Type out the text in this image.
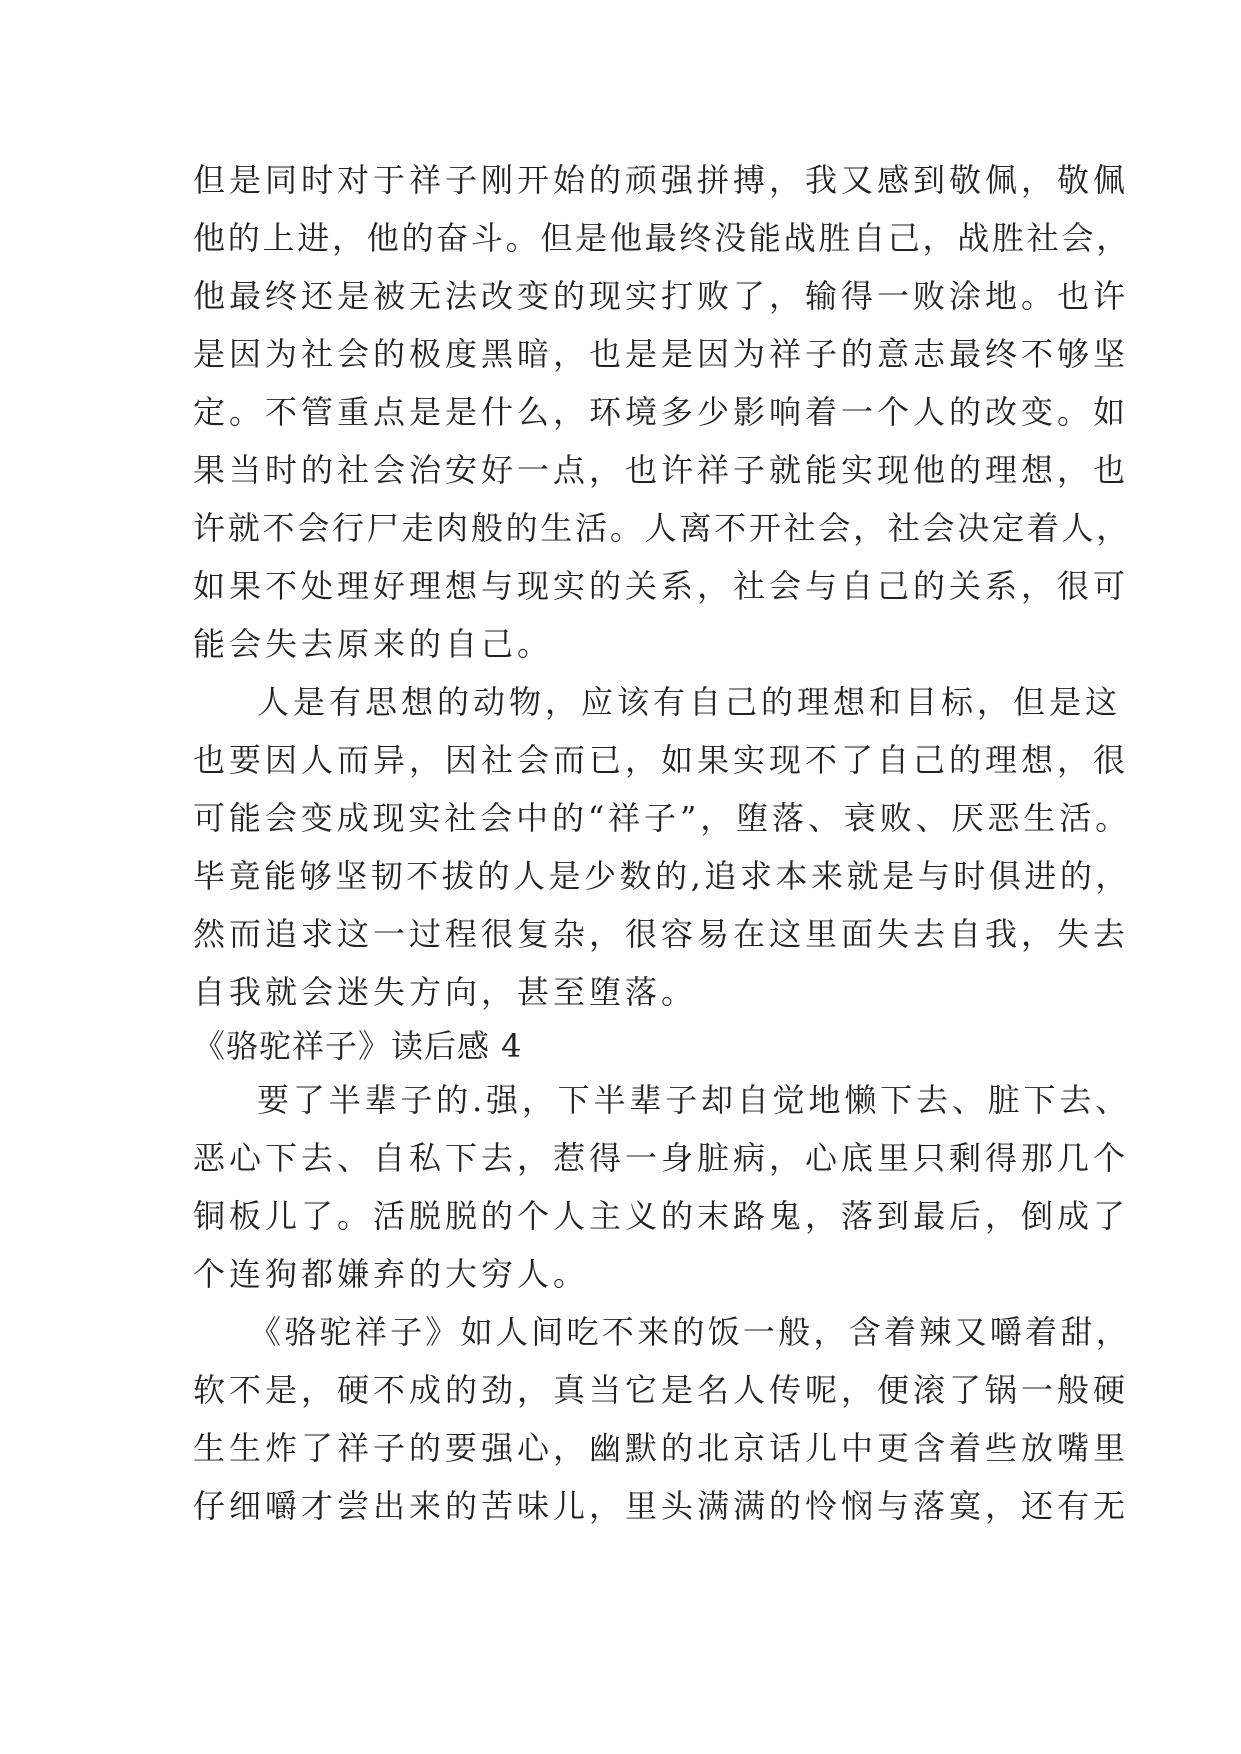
但是同时对于祥子刚开始的顽强拼搏，我又感到敬佩，敬佩
他的上进，他的奋斗。但是他最终没能战胜自己，战胜社会，
他最终还是被无法改变的现实打败了，输得一败涂地。也许
是因为社会的极度黑暗，也是是因为祥子的意志最终不够坚
定。不管重点是是什么，环境多少影响着一个人的改变。如
果当时的社会治安好一点，也许祥子就能实现他的理想，也
许就不会行尸走肉般的生活。人离不开社会，社会决定着人，
如果不处理好理想与现实的关系，社会与自己的关系，很可
能会失去原来的自己。
人是有思想的动物，应该有自己的理想和目标，但是这
也要因人而异，因社会而已，如果实现不了自己的理想，很
可能会变成现实社会中的“祥子”，堕落、衰败、厌恶生活。
毕竟能够坚韧不拔的人是少数的,追求本来就是与时俱进的，
然而追求这一过程很复杂，很容易在这里面失去自我，失去
自我就会迷失方向，甚至堕落。
《骆驼祥子》读后感 4
要了半辈子的.强，下半辈子却自觉地懒下去、脏下去、
恶心下去、自私下去，惹得一身脏病，心底里只剩得那几个
铜板儿了。活脱脱的个人主义的末路鬼，落到最后，倒成了
个连狗都嫌弃的大穷人。
《骆驼祥子》如人间吃不来的饭一般，含着辣又嚼着甜，
软不是，硬不成的劲，真当它是名人传呢，便滚了锅一般硬
生生炸了祥子的要强心，幽默的北京话儿中更含着些放嘴里
仔细嚼才尝出来的苦味儿，里头满满的怜悯与落寞，还有无
